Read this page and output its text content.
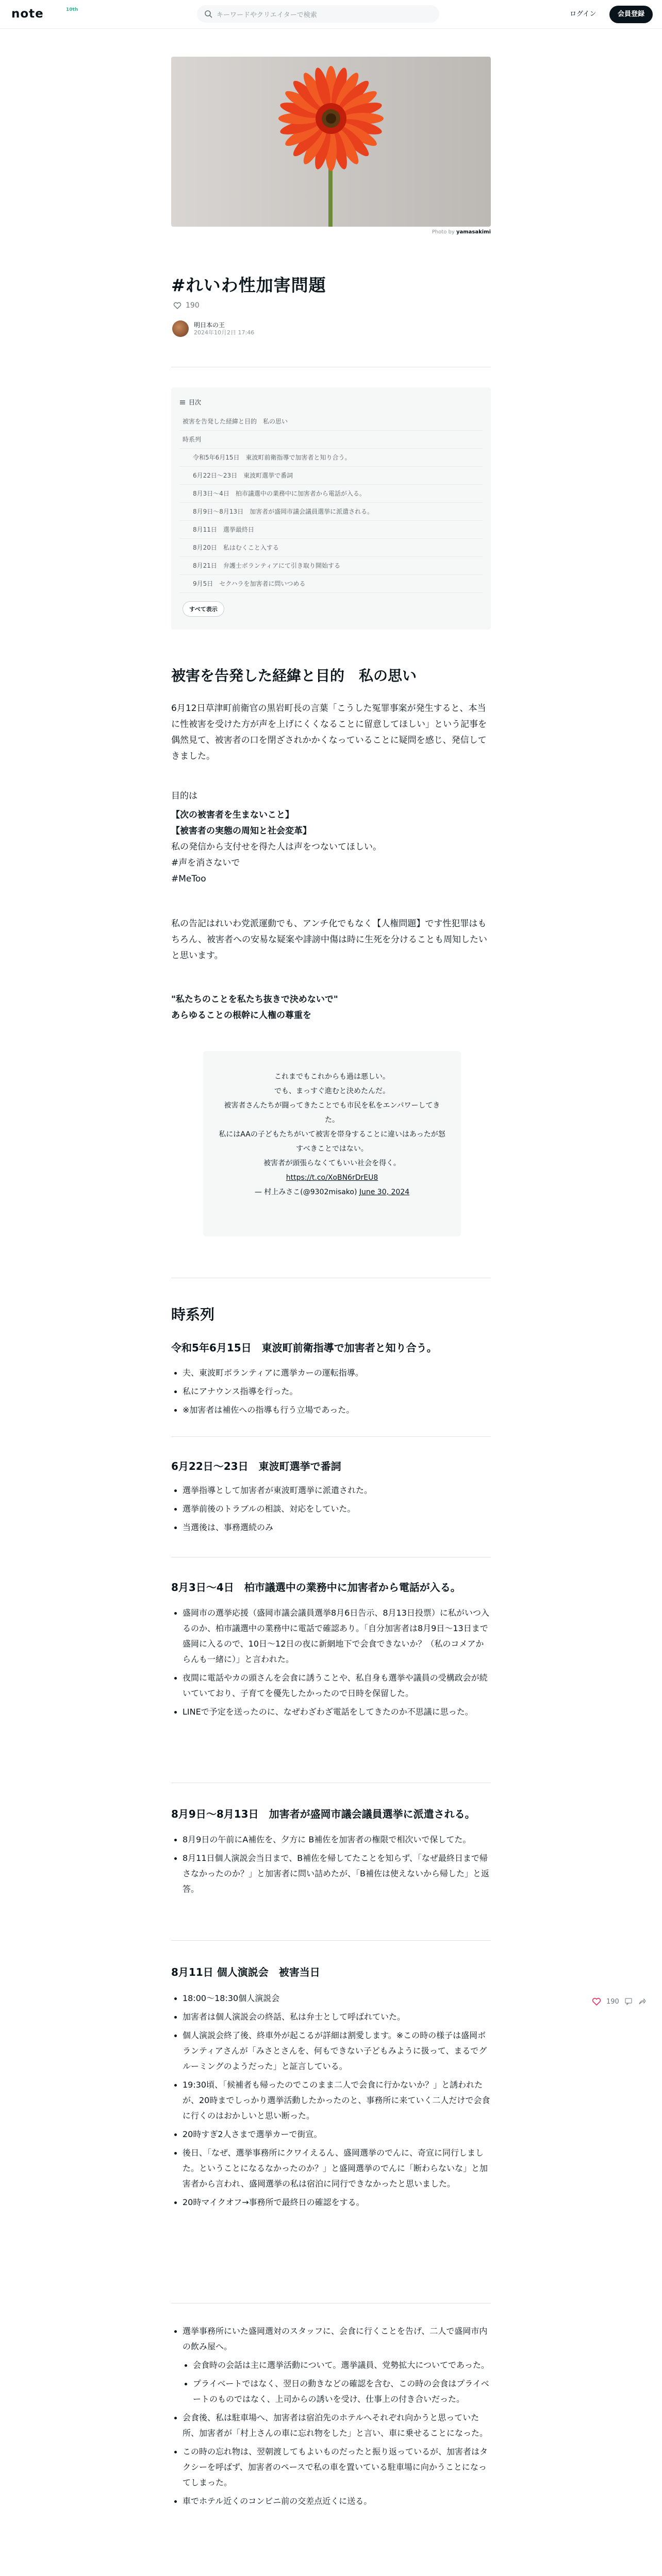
note	10th
キーワードやクリエイターで検索	ログイン	会員登録
Photo by yamasakimi
#れいわ性加害問題
190
明日本の王
2024年10月2日 17:46
目次
被害を告発した経緯と目的　私の思い
時系列
令和5年6月15日　東波町前衛指導で加害者と知り合う。
6月22日〜23日　東波町選挙で番詞
8月3日〜4日　柏市議選中の業務中に加害者から電話が入る。
8月9日〜8月13日　加害者が盛岡市議会議員選挙に派遣される。
8月11日　選挙最終日
8月20日　私はむくこと入する
8月21日　弁護士ボランティアにて引き取り開始する
9月5日　セクハラを加害者に問いつめる
すべて表示
被害を告発した経緯と目的　私の思い
6月12日草津町前衛官の黒岩町長の言葉「こうした冤罪事案が発生すると、本当に性被害を受けた方が声を上げにくくなることに留意してほしい」という記事を偶然見て、被害者の口を閉ざされかかくなっていることに疑問を感じ、発信してきました。
目的は
【次の被害者を生まないこと】
【被害者の実態の周知と社会変革】
私の発信から支付せを得た人は声をつないてほしい。
#声を消さないで
#MeToo
私の告記はれいわ党派運動でも、アンチ化でもなく【人権問題】です性犯罪はもちろん、被害者への安易な疑案や誹謗中傷は時に生死を分けることも周知したいと思います。
"私たちのことを私たち抜きで決めないで"
あらゆることの根幹に人権の尊重を
これまでもこれからも過は悪しい。
でも、まっすぐ進むと決めたんだ。
被害者さんたちが闘ってきたことでも市民を私をエンパワーしてきた。
私にはAAの子どもたちがいて被害を帯身することに違いはあったが怒すべきことではない。
被害者が頭張らなくてもいい社会を得く。
https://t.co/XoBN6rDrEU8
— 村上みさこ(@9302misako) June 30, 2024
時系列
令和5年6月15日　東波町前衛指導で加害者と知り合う。
夫、東波町ボランティアに選挙カーの運転指導。
私にアナウンス指導を行った。
※加害者は補佐への指導も行う立場であった。
6月22日〜23日　東波町選挙で番詞
選挙指導として加害者が東波町選挙に派遣された。
選挙前後のトラブルの相談、対応をしていた。
当選後は、事務選続のみ
8月3日〜4日　柏市議選中の業務中に加害者から電話が入る。
盛岡市の選挙応援（盛岡市議会議員選挙8月6日告示、8月13日投票）に私がいつ入るのか、柏市議選中の業務中に電話で確認あり。「自分加害者は8月9日〜13日まで盛岡に入るので、10日〜12日の夜に新網地下で会食できないか？（私のコメアからんも一緒に）」と言われた。
夜間に電話やカの頭さんを会食に誘うことや、私自身も選挙や議員の受構政会が続いていており、子育てを優先したかったので日時を保留した。
LINEで予定を送ったのに、なぜわざわざ電話をしてきたのか不思議に思った。
8月9日〜8月13日　加害者が盛岡市議会議員選挙に派遣される。
8月9日の午前にA補佐を、夕方に B補佐を加害者の権限で相次いで保してた。
8月11日個人演説会当日まで、B補佐を帰してたことを知らず、「なぜ最終日まで帰さなかったのか？」と加害者に問い詰めたが、「B補佐は使えないから帰した」と返答。
8月11日 個人演説会　被害当日
18:00〜18:30個人演説会
加害者は個人演説会の終話、私は弁士として呼ばれていた。
個人演説会終了後、終車外が起こるが詳細は割愛します。※この時の様子は盛岡ボランティアさんが「みさとさんを、何もできない子どもみように扱って、まるでグルーミングのようだった」と証言している。
19:30頃、「候補者も帰ったのでこのまま二人で会食に行かないか？」と誘われたが、20時までしっかり選挙活動したかったのと、事務所に来ていく二人だけで会食に行くのはおかしいと思い断った。
20時すぎ2人さまで選挙カーで街宣。
後日、「なぜ、選挙事務所にクワイえるん、盛岡選挙のでんに、奇宣に同行しました。ということになるなかったのか？」と盛岡選挙のでんに「断わらないな」と加害者から言われ、盛岡選挙の私は宿泊に同行できなかったと思いました。
20時マイクオフ→事務所で最終日の確認をする。
選挙事務所にいた盛岡選対のスタッフに、会食に行くことを告げ、二人で盛岡市内の飲み屋へ。
会食時の会話は主に選挙活動について。選挙議員、党勢拡大についてであった。
プライベートではなく、翌日の動きなどの確認を含む、この時の会食はプライベートのものではなく、上司からの誘いを受け、仕事上の付き合いだった。
会食後、私は駐車場へ、加害者は宿泊先のホテルへそれぞれ向かうと思っていた所、加害者が「村上さんの車に忘れ物をした」と言い、車に乗せることになった。
この時の忘れ物は、翌朝渡してもよいものだったと振り返っているが、加害者はタクシーを呼ばず、加害者のペースで私の車を置いている駐車場に向かうことになってしまった。
車でホテル近くのコンビニ前の交差点近くに送る。
190
